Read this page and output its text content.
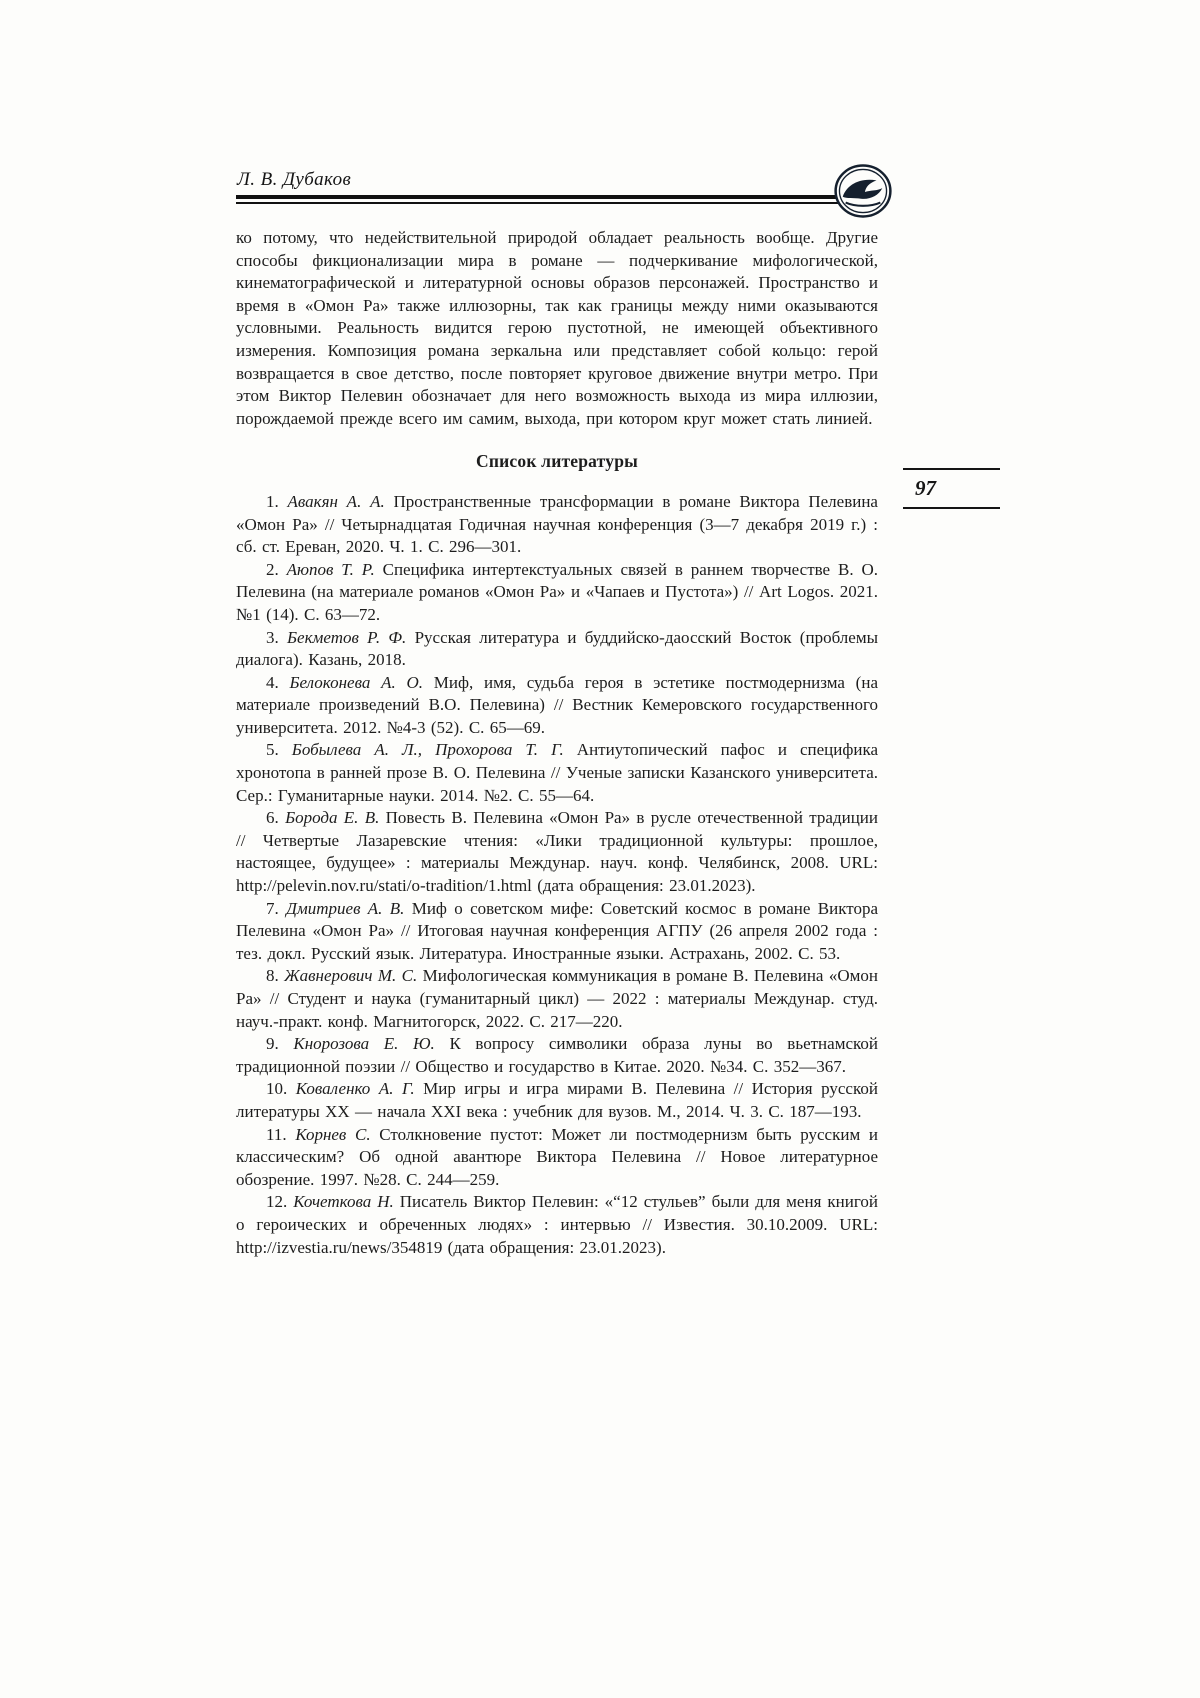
Л. В. Дубаков
97

ко потому, что недействительной природой обладает реальность вообще. Другие способы фикционализации мира в романе — подчеркивание мифологической, кинематографической и литературной основы образов персонажей. Пространство и время в «Омон Ра» также иллюзорны, так как границы между ними оказываются условными. Реальность видится герою пустотной, не имеющей объективного измерения. Композиция романа зеркальна или представляет собой кольцо: герой возвращается в свое детство, после повторяет круговое движение внутри метро. При этом Виктор Пелевин обозначает для него возможность выхода из мира иллюзии, порождаемой прежде всего им самим, выхода, при котором круг может стать линией.

Список литературы

1. Авакян А. А. Пространственные трансформации в романе Виктора Пелевина «Омон Ра» // Четырнадцатая Годичная научная конференция (3—7 декабря 2019 г.) : сб. ст. Ереван, 2020. Ч. 1. С. 296—301.

2. Аюпов Т. Р. Специфика интертекстуальных связей в раннем творчестве В. О. Пелевина (на материале романов «Омон Ра» и «Чапаев и Пустота») // Art Logos. 2021. №1 (14). С. 63—72.

3. Бекметов Р. Ф. Русская литература и буддийско-даосский Восток (проблемы диалога). Казань, 2018.

4. Белоконева А. О. Миф, имя, судьба героя в эстетике постмодернизма (на материале произведений В.О. Пелевина) // Вестник Кемеровского государственного университета. 2012. №4-3 (52). С. 65—69.

5. Бобылева А. Л., Прохорова Т. Г. Антиутопический пафос и специфика хронотопа в ранней прозе В. О. Пелевина // Ученые записки Казанского университета. Сер.: Гуманитарные науки. 2014. №2. С. 55—64.

6. Борода Е. В. Повесть В. Пелевина «Омон Ра» в русле отечественной традиции // Четвертые Лазаревские чтения: «Лики традиционной культуры: прошлое, настоящее, будущее» : материалы Междунар. науч. конф. Челябинск, 2008. URL: http://pelevin.nov.ru/stati/o-tradition/1.html (дата обращения: 23.01.2023).

7. Дмитриев А. В. Миф о советском мифе: Советский космос в романе Виктора Пелевина «Омон Ра» // Итоговая научная конференция АГПУ (26 апреля 2002 года : тез. докл. Русский язык. Литература. Иностранные языки. Астрахань, 2002. С. 53.

8. Жавнерович М. С. Мифологическая коммуникация в романе В. Пелевина «Омон Ра» // Студент и наука (гуманитарный цикл) — 2022 : материалы Междунар. студ. науч.-практ. конф. Магнитогорск, 2022. С. 217—220.

9. Кнорозова Е. Ю. К вопросу символики образа луны во вьетнамской традиционной поэзии // Общество и государство в Китае. 2020. №34. С. 352—367.

10. Коваленко А. Г. Мир игры и игра мирами В. Пелевина // История русской литературы XX — начала XXI века : учебник для вузов. М., 2014. Ч. 3. С. 187—193.

11. Корнев С. Столкновение пустот: Может ли постмодернизм быть русским и классическим? Об одной авантюре Виктора Пелевина // Новое литературное обозрение. 1997. №28. С. 244—259.

12. Кочеткова Н. Писатель Виктор Пелевин: «“12 стульев” были для меня книгой о героических и обреченных людях» : интервью // Известия. 30.10.2009. URL: http://izvestia.ru/news/354819 (дата обращения: 23.01.2023).
